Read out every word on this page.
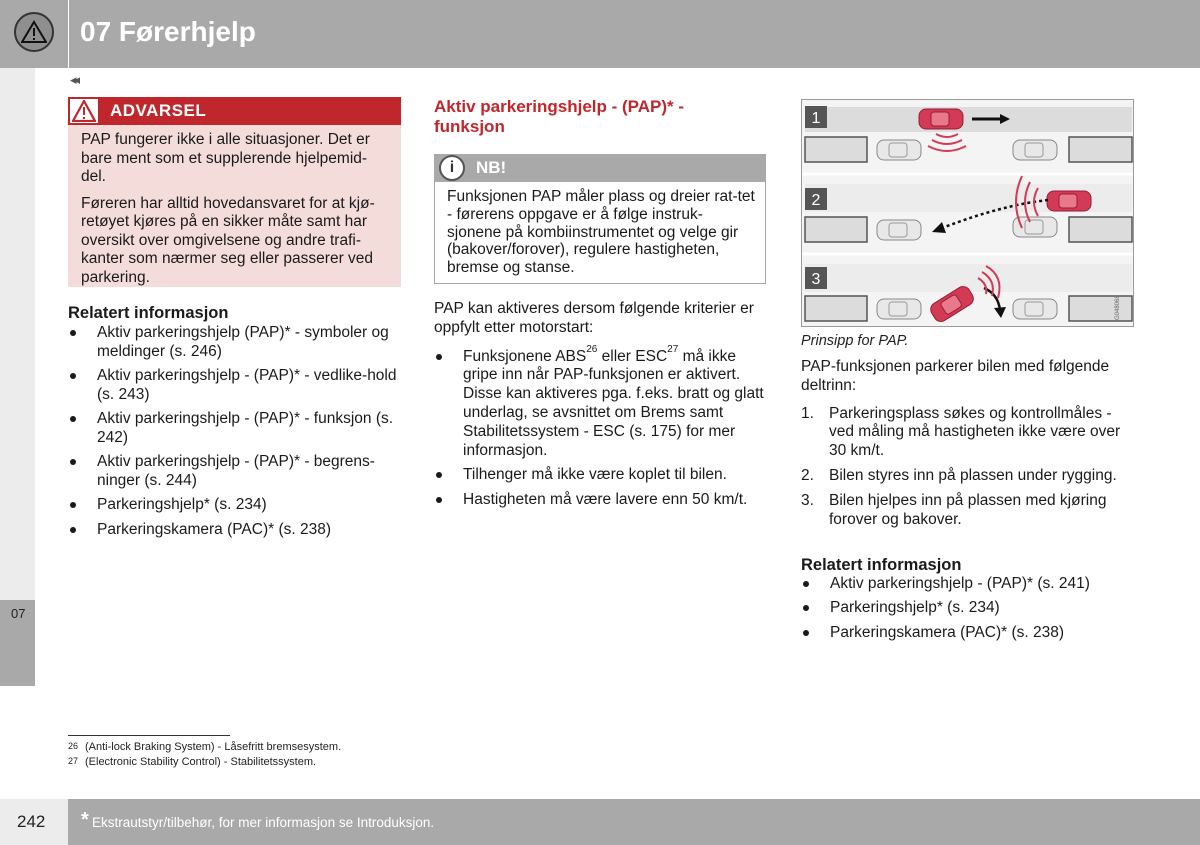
07 Førerhjelp
◂◂
07
ADVARSEL

PAP fungerer ikke i alle situasjoner. Det er bare ment som et supplerende hjelpemid-del.

Føreren har alltid hovedansvaret for at kjø-retøyet kjøres på en sikker måte samt har oversikt over omgivelsene og andre trafi-kanter som nærmer seg eller passerer ved parkering.

Relatert informasjon
Aktiv parkeringshjelp (PAP)* - symboler og meldinger (s. 246)
Aktiv parkeringshjelp - (PAP)* - vedlike-hold (s. 243)
Aktiv parkeringshjelp - (PAP)* - funksjon (s. 242)
Aktiv parkeringshjelp - (PAP)* - begrens-ninger (s. 244)
Parkeringshjelp* (s. 234)
Parkeringskamera (PAC)* (s. 238)
Aktiv parkeringshjelp - (PAP)* - funksjon
i	NB!
Funksjonen PAP måler plass og dreier rat-tet - førerens oppgave er å følge instruk-sjonene på kombiinstrumentet og velge gir (bakover/forover), regulere hastigheten, bremse og stanse.

PAP kan aktiveres dersom følgende kriterier er oppfylt etter motorstart:

Funksjonene ABS$^{26}$ eller ESC$^{27}$ må ikke gripe inn når PAP-funksjonen er aktivert. Disse kan aktiveres pga. f.eks. bratt og glatt underlag, se avsnittet om Brems samt Stabilitetssystem - ESC (s. 175) for mer informasjon.
Tilhenger må ikke være koplet til bilen.
Hastigheten må være lavere enn 50 km/t.
1
2
3
G048068
Prinsipp for PAP.

PAP-funksjonen parkerer bilen med følgende deltrinn:

1. Parkeringsplass søkes og kontrollmåles - ved måling må hastigheten ikke være over 30 km/t.
2. Bilen styres inn på plassen under rygging.
3. Bilen hjelpes inn på plassen med kjøring forover og bakover.
Relatert informasjon
Aktiv parkeringshjelp - (PAP)* (s. 241)
Parkeringshjelp* (s. 234)
Parkeringskamera (PAC)* (s. 238)
26 (Anti-lock Braking System) - Låsefritt bremsesystem.
27 (Electronic Stability Control) - Stabilitetssystem.
242 * Ekstrautstyr/tilbehør, for mer informasjon se Introduksjon.
